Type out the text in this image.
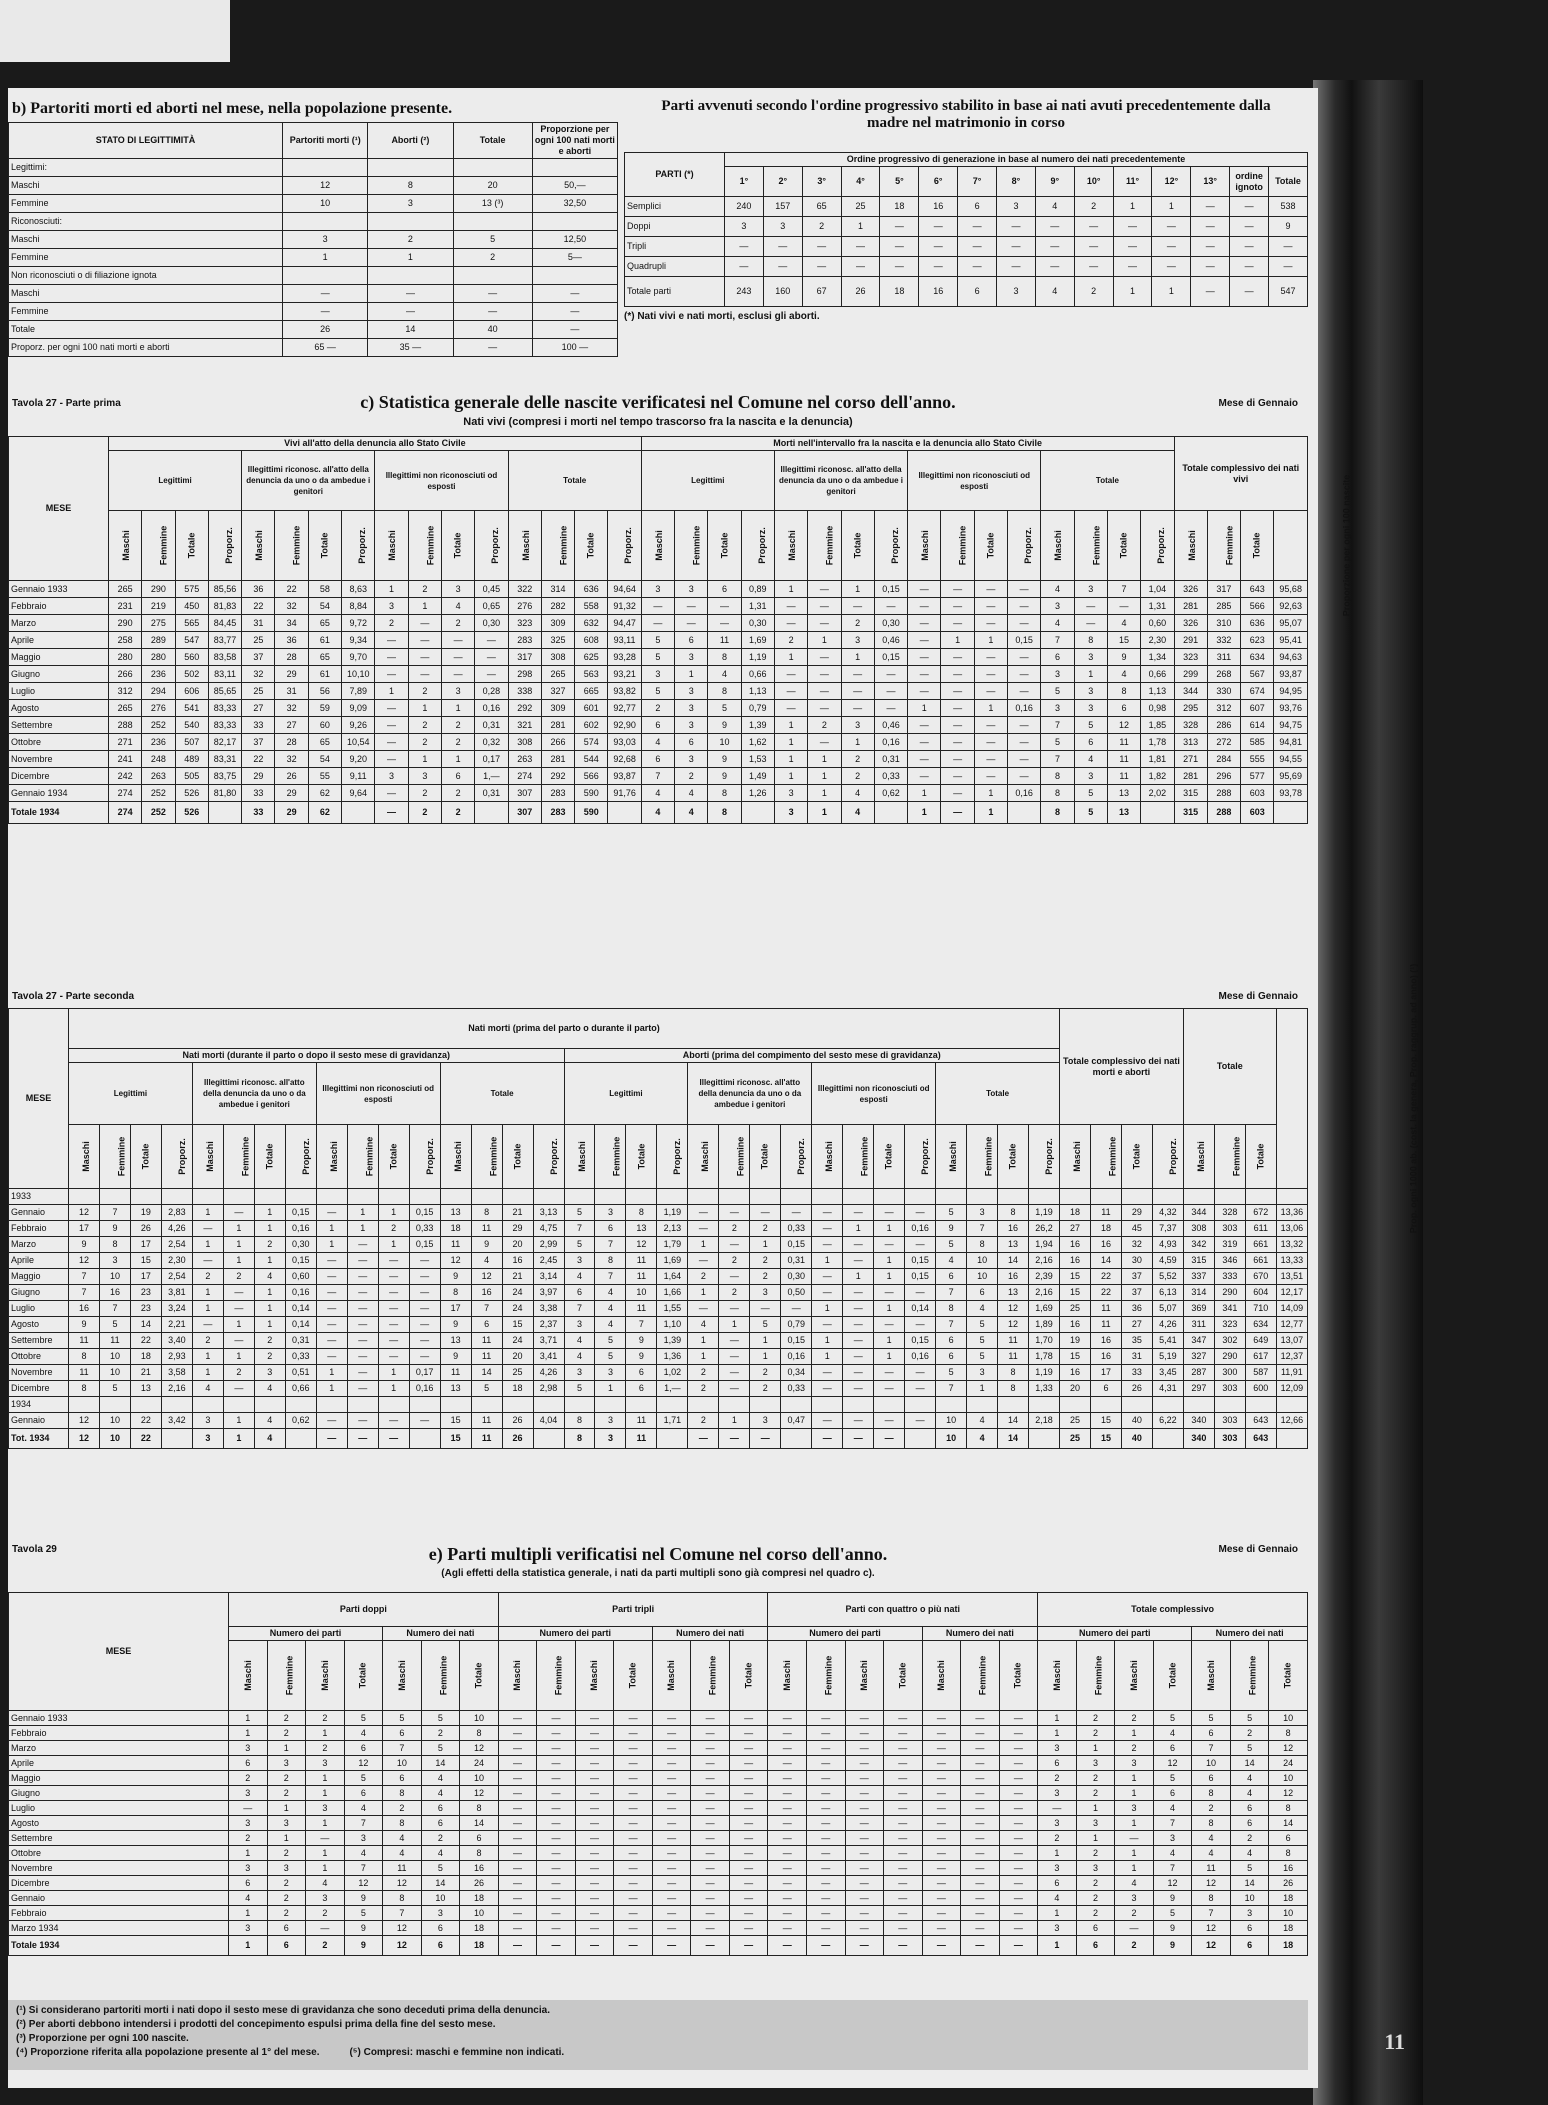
b) Partoriti morti ed aborti nel mese, nella popolazione presente.
STATO DI LEGITTIMITÀ	Partoriti morti (¹)	Aborti (²)	Totale	Proporzione per ogni 100 nati morti e aborti
Legittimi:				
Maschi	12	8	20	50,—
Femmine	10	3	13 (³)	32,50
Riconosciuti:				
Maschi	3	2	5	12,50
Femmine	1	1	2	5—
Non riconosciuti o di filiazione ignota				
Maschi	—	—	—	—
Femmine	—	—	—	—
Totale	26	14	40	—
Proporz. per ogni 100 nati morti e aborti	65 —	35 —	—	100 —
Parti avvenuti secondo l'ordine progressivo stabilito in base ai nati avuti precedentemente dalla madre nel matrimonio in corso
PARTI (*)	Ordine progressivo di generazione in base al numero dei nati precedentemente														
	1°	2°	3°	4°	5°	6°	7°	8°	9°	10°	11°	12°	13°	ordine ignoto	Totale
Semplici	240	157	65	25	18	16	6	3	4	2	1	1	—	—	538
Doppi	3	3	2	1	—	—	—	—	—	—	—	—	—	—	9
Tripli	—	—	—	—	—	—	—	—	—	—	—	—	—	—	—
Quadrupli	—	—	—	—	—	—	—	—	—	—	—	—	—	—	—
Totale parti	243	160	67	26	18	16	6	3	4	2	1	1	—	—	547
(*) Nati vivi e nati morti, esclusi gli aborti.
Tavola 27 - Parte prima	Mese di Gennaio
c) Statistica generale delle nascite verificatesi nel Comune nel corso dell'anno.
Nati vivi (compresi i morti nel tempo trascorso fra la nascita e la denuncia)
MESE	Vivi all'atto della denuncia allo Stato Civile																Morti nell'intervallo fra la nascita e la denuncia allo Stato Civile																Totale complessivo dei nati vivi			
	Legittimi				Illegittimi riconosc. all'atto della denuncia da uno o da ambedue i genitori				Illegittimi non riconosciuti od esposti				Totale				Legittimi				Illegittimi riconosc. all'atto della denuncia da uno o da ambedue i genitori				Illegittimi non riconosciuti od esposti				Totale							
	Maschi	Femmine	Totale	Proporz.	Maschi	Femmine	Totale	Proporz.	Maschi	Femmine	Totale	Proporz.	Maschi	Femmine	Totale	Proporz.	Maschi	Femmine	Totale	Proporz.	Maschi	Femmine	Totale	Proporz.	Maschi	Femmine	Totale	Proporz.	Maschi	Femmine	Totale	Proporz.	Maschi	Femmine	Totale	Proporzione per ogni 100 nascite
Gennaio 1933	265	290	575	85,56	36	22	58	8,63	1	2	3	0,45	322	314	636	94,64	3	3	6	0,89	1	—	1	0,15	—	—	—	—	4	3	7	1,04	326	317	643	95,68
Febbraio	231	219	450	81,83	22	32	54	8,84	3	1	4	0,65	276	282	558	91,32	—	—	—	1,31	—	—	—	—	—	—	—	—	3	—	—	1,31	281	285	566	92,63
Marzo	290	275	565	84,45	31	34	65	9,72	2	—	2	0,30	323	309	632	94,47	—	—	—	0,30	—	—	2	0,30	—	—	—	—	4	—	4	0,60	326	310	636	95,07
Aprile	258	289	547	83,77	25	36	61	9,34	—	—	—	—	283	325	608	93,11	5	6	11	1,69	2	1	3	0,46	—	1	1	0,15	7	8	15	2,30	291	332	623	95,41
Maggio	280	280	560	83,58	37	28	65	9,70	—	—	—	—	317	308	625	93,28	5	3	8	1,19	1	—	1	0,15	—	—	—	—	6	3	9	1,34	323	311	634	94,63
Giugno	266	236	502	83,11	32	29	61	10,10	—	—	—	—	298	265	563	93,21	3	1	4	0,66	—	—	—	—	—	—	—	—	3	1	4	0,66	299	268	567	93,87
Luglio	312	294	606	85,65	25	31	56	7,89	1	2	3	0,28	338	327	665	93,82	5	3	8	1,13	—	—	—	—	—	—	—	—	5	3	8	1,13	344	330	674	94,95
Agosto	265	276	541	83,33	27	32	59	9,09	—	1	1	0,16	292	309	601	92,77	2	3	5	0,79	—	—	—	—	1	—	1	0,16	3	3	6	0,98	295	312	607	93,76
Settembre	288	252	540	83,33	33	27	60	9,26	—	2	2	0,31	321	281	602	92,90	6	3	9	1,39	1	2	3	0,46	—	—	—	—	7	5	12	1,85	328	286	614	94,75
Ottobre	271	236	507	82,17	37	28	65	10,54	—	2	2	0,32	308	266	574	93,03	4	6	10	1,62	1	—	1	0,16	—	—	—	—	5	6	11	1,78	313	272	585	94,81
Novembre	241	248	489	83,31	22	32	54	9,20	—	1	1	0,17	263	281	544	92,68	6	3	9	1,53	1	1	2	0,31	—	—	—	—	7	4	11	1,81	271	284	555	94,55
Dicembre	242	263	505	83,75	29	26	55	9,11	3	3	6	1,—	274	292	566	93,87	7	2	9	1,49	1	1	2	0,33	—	—	—	—	8	3	11	1,82	281	296	577	95,69
Gennaio 1934	274	252	526	81,80	33	29	62	9,64	—	2	2	0,31	307	283	590	91,76	4	4	8	1,26	3	1	4	0,62	1	—	1	0,16	8	5	13	2,02	315	288	603	93,78
Totale 1934	274	252	526		33	29	62		—	2	2		307	283	590		4	4	8		3	1	4		1	—	1		8	5	13		315	288	603	
Tavola 27 - Parte seconda	Mese di Gennaio
MESE	Nati morti (prima del parto o durante il parto)																																Totale complessivo dei nati morti e aborti				Totale			Prop. ogni 1000 ab. (cost. la genera, Prop. raggrup. ad anno) (¹)
	Nati morti (durante il parto o dopo il sesto mese di gravidanza)																Aborti (prima del compimento del sesto mese di gravidanza)																							
	Legittimi				Illegittimi riconosc. all'atto della denuncia da uno o da ambedue i genitori				Illegittimi non riconosciuti od esposti				Totale				Legittimi				Illegittimi riconosc. all'atto della denuncia da uno o da ambedue i genitori				Illegittimi non riconosciuti od esposti				Totale											
	Maschi	Femmine	Totale	Proporz.	Maschi	Femmine	Totale	Proporz.	Maschi	Femmine	Totale	Proporz.	Maschi	Femmine	Totale	Proporz.	Maschi	Femmine	Totale	Proporz.	Maschi	Femmine	Totale	Proporz.	Maschi	Femmine	Totale	Proporz.	Maschi	Femmine	Totale	Proporz.	Maschi	Femmine	Totale	Proporz.	Maschi	Femmine	Totale	
1933																																								
Gennaio	12	7	19	2,83	1	—	1	0,15	—	1	1	0,15	13	8	21	3,13	5	3	8	1,19	—	—	—	—	—	—	—	—	5	3	8	1,19	18	11	29	4,32	344	328	672	13,36
Febbraio	17	9	26	4,26	—	1	1	0,16	1	1	2	0,33	18	11	29	4,75	7	6	13	2,13	—	2	2	0,33	—	1	1	0,16	9	7	16	26,2	27	18	45	7,37	308	303	611	13,06
Marzo	9	8	17	2,54	1	1	2	0,30	1	—	1	0,15	11	9	20	2,99	5	7	12	1,79	1	—	1	0,15	—	—	—	—	5	8	13	1,94	16	16	32	4,93	342	319	661	13,32
Aprile	12	3	15	2,30	—	1	1	0,15	—	—	—	—	12	4	16	2,45	3	8	11	1,69	—	2	2	0,31	1	—	1	0,15	4	10	14	2,16	16	14	30	4,59	315	346	661	13,33
Maggio	7	10	17	2,54	2	2	4	0,60	—	—	—	—	9	12	21	3,14	4	7	11	1,64	2	—	2	0,30	—	1	1	0,15	6	10	16	2,39	15	22	37	5,52	337	333	670	13,51
Giugno	7	16	23	3,81	1	—	1	0,16	—	—	—	—	8	16	24	3,97	6	4	10	1,66	1	2	3	0,50	—	—	—	—	7	6	13	2,16	15	22	37	6,13	314	290	604	12,17
Luglio	16	7	23	3,24	1	—	1	0,14	—	—	—	—	17	7	24	3,38	7	4	11	1,55	—	—	—	—	1	—	1	0,14	8	4	12	1,69	25	11	36	5,07	369	341	710	14,09
Agosto	9	5	14	2,21	—	1	1	0,14	—	—	—	—	9	6	15	2,37	3	4	7	1,10	4	1	5	0,79	—	—	—	—	7	5	12	1,89	16	11	27	4,26	311	323	634	12,77
Settembre	11	11	22	3,40	2	—	2	0,31	—	—	—	—	13	11	24	3,71	4	5	9	1,39	1	—	1	0,15	1	—	1	0,15	6	5	11	1,70	19	16	35	5,41	347	302	649	13,07
Ottobre	8	10	18	2,93	1	1	2	0,33	—	—	—	—	9	11	20	3,41	4	5	9	1,36	1	—	1	0,16	1	—	1	0,16	6	5	11	1,78	15	16	31	5,19	327	290	617	12,37
Novembre	11	10	21	3,58	1	2	3	0,51	1	—	1	0,17	11	14	25	4,26	3	3	6	1,02	2	—	2	0,34	—	—	—	—	5	3	8	1,19	16	17	33	3,45	287	300	587	11,91
Dicembre	8	5	13	2,16	4	—	4	0,66	1	—	1	0,16	13	5	18	2,98	5	1	6	1,—	2	—	2	0,33	—	—	—	—	7	1	8	1,33	20	6	26	4,31	297	303	600	12,09
1934																																								
Gennaio	12	10	22	3,42	3	1	4	0,62	—	—	—	—	15	11	26	4,04	8	3	11	1,71	2	1	3	0,47	—	—	—	—	10	4	14	2,18	25	15	40	6,22	340	303	643	12,66
Tot. 1934	12	10	22		3	1	4		—	—	—		15	11	26		8	3	11		—	—	—		—	—	—		10	4	14		25	15	40		340	303	643	
Tavola 29	Mese di Gennaio
e) Parti multipli verificatisi nel Comune nel corso dell'anno.
(Agli effetti della statistica generale, i nati da parti multipli sono già compresi nel quadro c).
MESE	Parti doppi							Parti tripli							Parti con quattro o più nati							Totale complessivo						
	Numero dei parti				Numero dei nati			Numero dei parti				Numero dei nati			Numero dei parti				Numero dei nati			Numero dei parti				Numero dei nati		
	Maschi	Femmine	Maschi	Totale	Maschi	Femmine	Totale	Maschi	Femmine	Maschi	Totale	Maschi	Femmine	Totale	Maschi	Femmine	Maschi	Totale	Maschi	Femmine	Totale	Maschi	Femmine	Maschi	Totale	Maschi	Femmine	Totale
Gennaio 1933	1	2	2	5	5	5	10	—	—	—	—	—	—	—	—	—	—	—	—	—	—	1	2	2	5	5	5	10
Febbraio	1	2	1	4	6	2	8	—	—	—	—	—	—	—	—	—	—	—	—	—	—	1	2	1	4	6	2	8
Marzo	3	1	2	6	7	5	12	—	—	—	—	—	—	—	—	—	—	—	—	—	—	3	1	2	6	7	5	12
Aprile	6	3	3	12	10	14	24	—	—	—	—	—	—	—	—	—	—	—	—	—	—	6	3	3	12	10	14	24
Maggio	2	2	1	5	6	4	10	—	—	—	—	—	—	—	—	—	—	—	—	—	—	2	2	1	5	6	4	10
Giugno	3	2	1	6	8	4	12	—	—	—	—	—	—	—	—	—	—	—	—	—	—	3	2	1	6	8	4	12
Luglio	—	1	3	4	2	6	8	—	—	—	—	—	—	—	—	—	—	—	—	—	—	—	1	3	4	2	6	8
Agosto	3	3	1	7	8	6	14	—	—	—	—	—	—	—	—	—	—	—	—	—	—	3	3	1	7	8	6	14
Settembre	2	1	—	3	4	2	6	—	—	—	—	—	—	—	—	—	—	—	—	—	—	2	1	—	3	4	2	6
Ottobre	1	2	1	4	4	4	8	—	—	—	—	—	—	—	—	—	—	—	—	—	—	1	2	1	4	4	4	8
Novembre	3	3	1	7	11	5	16	—	—	—	—	—	—	—	—	—	—	—	—	—	—	3	3	1	7	11	5	16
Dicembre	6	2	4	12	12	14	26	—	—	—	—	—	—	—	—	—	—	—	—	—	—	6	2	4	12	12	14	26
Gennaio	4	2	3	9	8	10	18	—	—	—	—	—	—	—	—	—	—	—	—	—	—	4	2	3	9	8	10	18
Febbraio	1	2	2	5	7	3	10	—	—	—	—	—	—	—	—	—	—	—	—	—	—	1	2	2	5	7	3	10
Marzo 1934	3	6	—	9	12	6	18	—	—	—	—	—	—	—	—	—	—	—	—	—	—	3	6	—	9	12	6	18
Totale 1934	1	6	2	9	12	6	18	—	—	—	—	—	—	—	—	—	—	—	—	—	—	1	6	2	9	12	6	18
(¹) Si considerano partoriti morti i nati dopo il sesto mese di gravidanza che sono deceduti prima della denuncia.
(²) Per aborti debbono intendersi i prodotti del concepimento espulsi prima della fine del sesto mese.
(³) Proporzione per ogni 100 nascite.
(⁴) Proporzione riferita alla popolazione presente al 1° del mese.	(⁵) Compresi: maschi e femmine non indicati.	11
